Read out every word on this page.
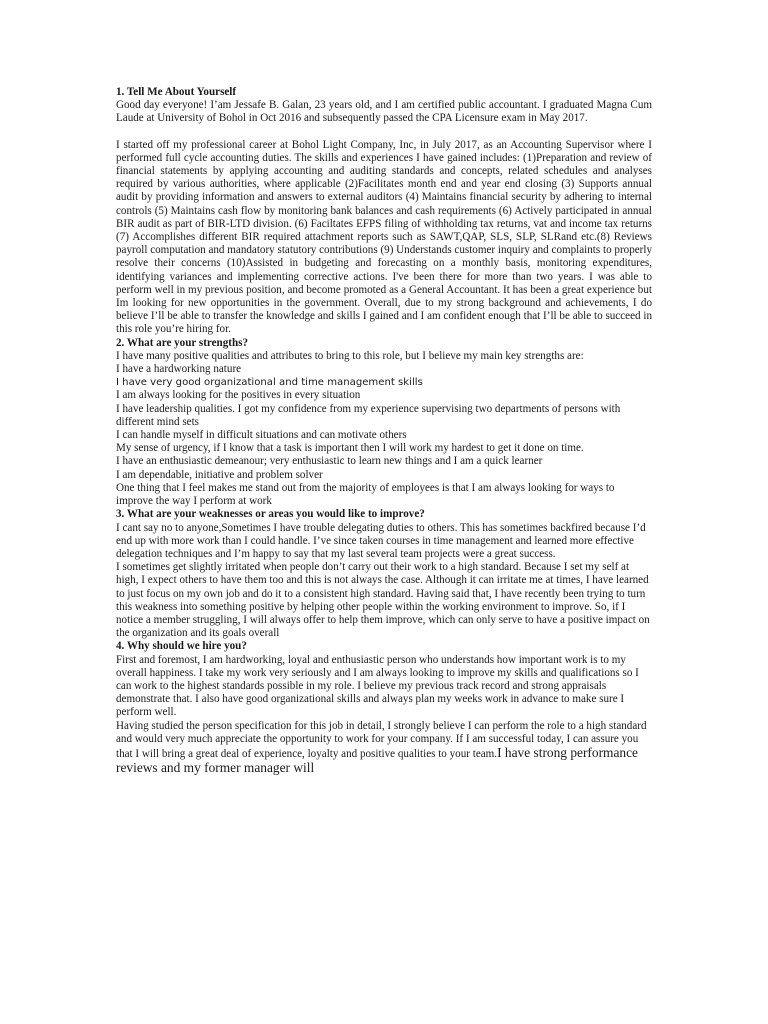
1. Tell Me About Yourself

Good day everyone! I’am Jessafe B. Galan, 23 years old, and I am certified public accountant. I graduated Magna Cum Laude at University of Bohol in Oct 2016 and subsequently passed the CPA Licensure exam in May 2017.

I started off my professional career at Bohol Light Company, Inc, in July 2017, as an Accounting Supervisor where I performed full cycle accounting duties. The skills and experiences I have gained includes: (1)Preparation and review of financial statements by applying accounting and auditing standards and concepts, related schedules and analyses required by various authorities, where applicable (2)Facilitates month end and year end closing (3) Supports annual audit by providing information and answers to external auditors (4) Maintains financial security by adhering to internal controls (5) Maintains cash flow by monitoring bank balances and cash requirements (6) Actively participated in annual BIR audit as part of BIR-LTD division. (6) Faciltates EFPS filing of withholding tax returns, vat and income tax returns (7) Accomplishes different BIR required attachment reports such as SAWT,QAP, SLS, SLP, SLRand etc.(8) Reviews payroll computation and mandatory statutory contributions (9) Understands customer inquiry and complaints to properly resolve their concerns (10)Assisted in budgeting and forecasting on a monthly basis, monitoring expenditures, identifying variances and implementing corrective actions. I've been there for more than two years. I was able to perform well in my previous position, and become promoted as a General Accountant. It has been a great experience but Im looking for new opportunities in the government. Overall, due to my strong background and achievements, I do believe I’ll be able to transfer the knowledge and skills I gained and I am confident enough that I’ll be able to succeed in this role you’re hiring for.

2. What are your strengths?

I have many positive qualities and attributes to bring to this role, but I believe my main key strengths are:

I have a hardworking nature

I have very good organizational and time management skills

I am always looking for the positives in every situation

I have leadership qualities. I got my confidence from my experience supervising two departments of persons with different mind sets

I can handle myself in difficult situations and can motivate others

My sense of urgency, if I know that a task is important then I will work my hardest to get it done on time.

I have an enthusiastic demeanour; very enthusiastic to learn new things and I am a quick learner

I am dependable, initiative and problem solver

One thing that I feel makes me stand out from the majority of employees is that I am always looking for ways to improve the way I perform at work

3. What are your weaknesses or areas you would like to improve?

I cant say no to anyone,Sometimes I have trouble delegating duties to others. This has sometimes backfired because I’d end up with more work than I could handle. I’ve since taken courses in time management and learned more effective delegation techniques and I’m happy to say that my last several team projects were a great success.

I sometimes get slightly irritated when people don’t carry out their work to a high standard. Because I set my self at high, I expect others to have them too and this is not always the case. Although it can irritate me at times, I have learned to just focus on my own job and do it to a consistent high standard. Having said that, I have recently been trying to turn this weakness into something positive by helping other people within the working environment to improve. So, if I notice a member struggling, I will always offer to help them improve, which can only serve to have a positive impact on the organization and its goals overall

4. Why should we hire you?

First and foremost, I am hardworking, loyal and enthusiastic person who understands how important work is to my overall happiness. I take my work very seriously and I am always looking to improve my skills and qualifications so I can work to the highest standards possible in my role. I believe my previous track record and strong appraisals demonstrate that. I also have good organizational skills and always plan my weeks work in advance to make sure I perform well.

Having studied the person specification for this job in detail, I strongly believe I can perform the role to a high standard and would very much appreciate the opportunity to work for your company. If I am successful today, I can assure you that I will bring a great deal of experience, loyalty and positive qualities to your team.I have strong performance reviews and my former manager will
